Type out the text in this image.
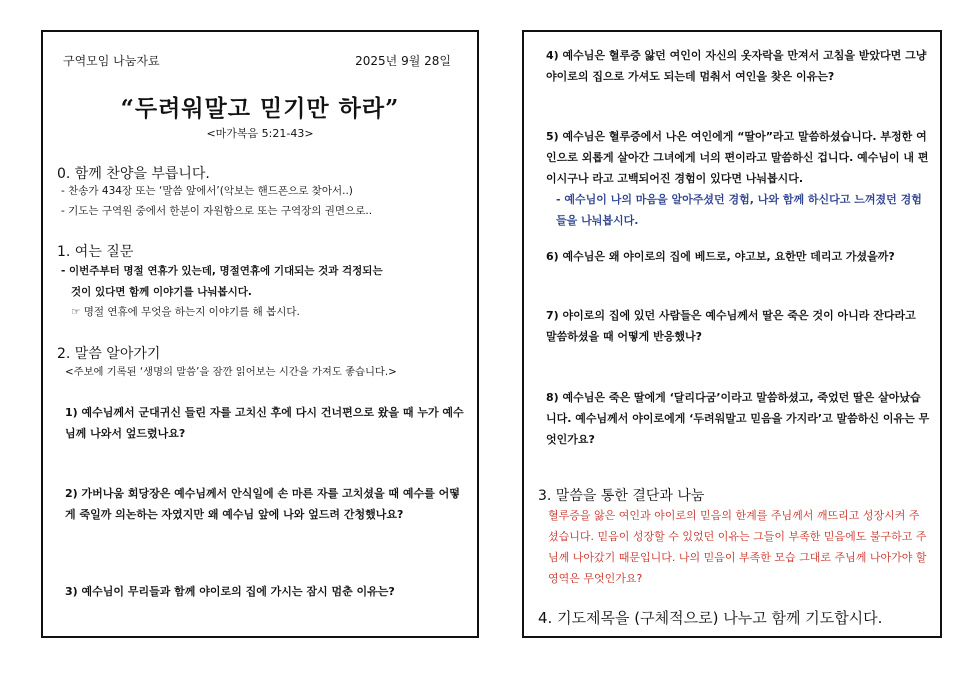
구역모임 나눔자료	2025년 9월 28일
“두려워말고 믿기만 하라”
<마가복음 5:21-43>
0. 함께 찬양을 부릅니다.
- 찬송가 434장 또는 ‘말씀 앞에서’(악보는 핸드폰으로 찾아서..)
- 기도는 구역원 중에서 한분이 자원함으로 또는 구역장의 권면으로..
1. 여는 질문
- 이번주부터 명절 연휴가 있는데, 명절연휴에 기대되는 것과 걱정되는
것이 있다면 함께 이야기를 나눠봅시다.
☞ 명절 연휴에 무엇을 하는지 이야기를 해 봅시다.
2. 말씀 알아가기
<주보에 기록된 ‘생명의 말씀’을 잠깐 읽어보는 시간을 가져도 좋습니다.>
1) 예수님께서 군대귀신 들린 자를 고치신 후에 다시 건너편으로 왔을 때 누가 예수님께 나와서 엎드렸나요?
2) 가버나움 회당장은 예수님께서 안식일에 손 마른 자를 고치셨을 때 예수를 어떻게 죽일까 의논하는 자였지만 왜 예수님 앞에 나와 엎드려 간청했나요?
3) 예수님이 무리들과 함께 야이로의 집에 가시는 잠시 멈춘 이유는?
4) 예수님은 혈루증 앓던 여인이 자신의 옷자락을 만져서 고침을 받았다면 그냥 야이로의 집으로 가셔도 되는데 멈춰서 여인을 찾은 이유는?
5) 예수님은 혈루증에서 나은 여인에게 “딸아”라고 말씀하셨습니다. 부정한 여인으로 외롭게 살아간 그녀에게 너의 편이라고 말씀하신 겁니다. 예수님이 내 편이시구나 라고 고백되어진 경험이 있다면 나눠봅시다.
- 예수님이 나의 마음을 알아주셨던 경험, 나와 함께 하신다고 느껴졌던 경험들을 나눠봅시다.
6) 예수님은 왜 야이로의 집에 베드로, 야고보, 요한만 데리고 가셨을까?
7) 야이로의 집에 있던 사람들은 예수님께서 딸은 죽은 것이 아니라 잔다라고 말씀하셨을 때 어떻게 반응했나?
8) 예수님은 죽은 딸에게 ‘달리다굼’이라고 말씀하셨고, 죽었던 딸은 살아났습니다. 예수님께서 야이로에게 ‘두려워말고 믿음을 가지라’고 말씀하신 이유는 무엇인가요?
3. 말씀을 통한 결단과 나눔
혈루증을 앓은 여인과 야이로의 믿음의 한계를 주님께서 깨뜨리고 성장시켜 주셨습니다. 믿음이 성장할 수 있었던 이유는 그들이 부족한 믿음에도 불구하고 주님께 나아갔기 때문입니다. 나의 믿음이 부족한 모습 그대로 주님께 나아가야 할 영역은 무엇인가요?
4. 기도제목을 (구체적으로) 나누고 함께 기도합시다.
